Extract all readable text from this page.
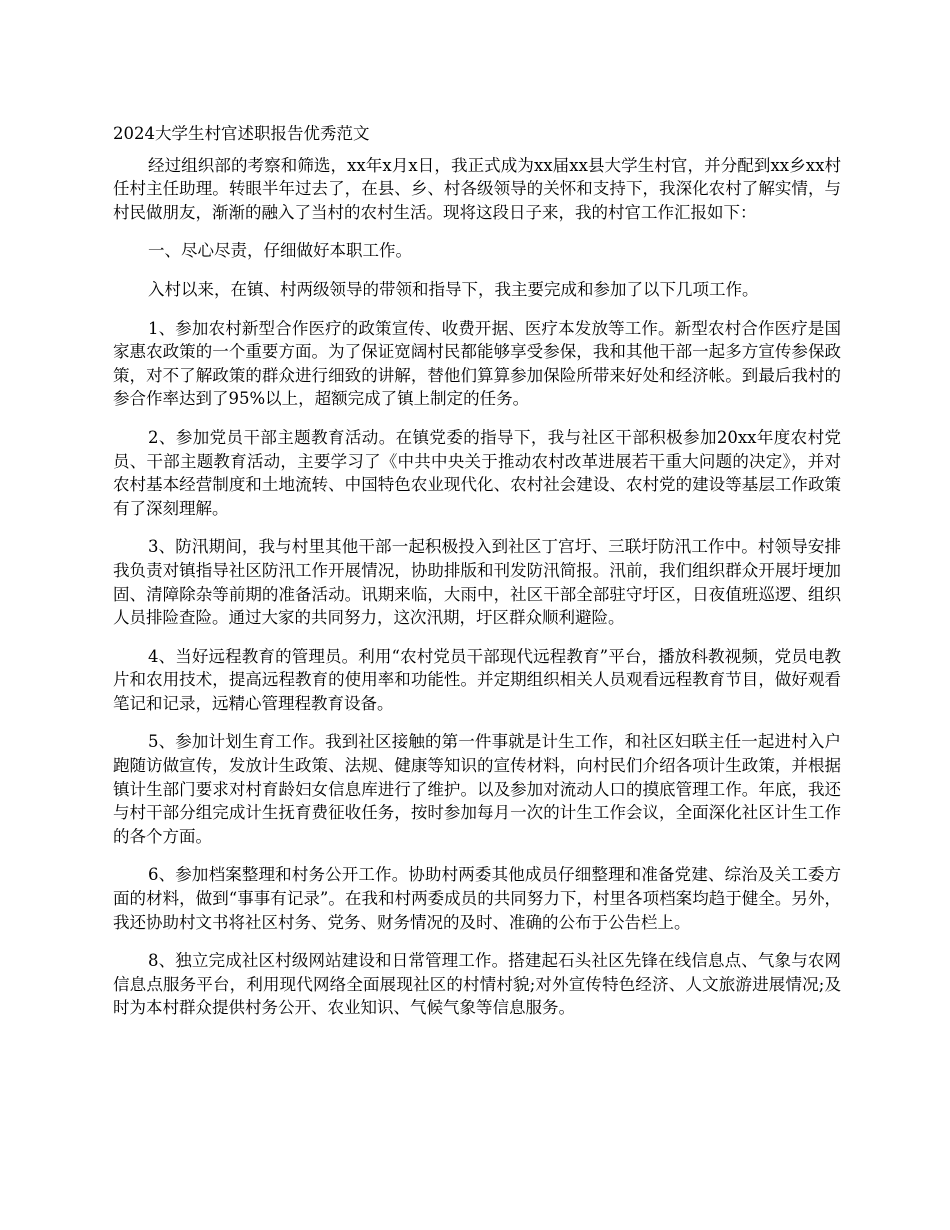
2024大学生村官述职报告优秀范文

经过组织部的考察和筛选，xx年x月x日，我正式成为xx届xx县大学生村官，并分配到xx乡xx村任村主任助理。转眼半年过去了，在县、乡、村各级领导的关怀和支持下，我深化农村了解实情，与村民做朋友，渐渐的融入了当村的农村生活。现将这段日子来，我的村官工作汇报如下：

一、尽心尽责，仔细做好本职工作。

入村以来，在镇、村两级领导的带领和指导下，我主要完成和参加了以下几项工作。

1、参加农村新型合作医疗的政策宣传、收费开据、医疗本发放等工作。新型农村合作医疗是国家惠农政策的一个重要方面。为了保证宽阔村民都能够享受参保，我和其他干部一起多方宣传参保政策，对不了解政策的群众进行细致的讲解，替他们算算参加保险所带来好处和经济帐。到最后我村的参合作率达到了95%以上，超额完成了镇上制定的任务。

2、参加党员干部主题教育活动。在镇党委的指导下，我与社区干部积极参加20xx年度农村党员、干部主题教育活动，主要学习了《中共中央关于推动农村改革进展若干重大问题的决定》，并对农村基本经营制度和土地流转、中国特色农业现代化、农村社会建设、农村党的建设等基层工作政策有了深刻理解。

3、防汛期间，我与村里其他干部一起积极投入到社区丁宫圩、三联圩防汛工作中。村领导安排我负责对镇指导社区防汛工作开展情况，协助排版和刊发防汛简报。汛前，我们组织群众开展圩埂加固、清障除杂等前期的准备活动。讯期来临，大雨中，社区干部全部驻守圩区，日夜值班巡逻、组织人员排险查险。通过大家的共同努力，这次汛期，圩区群众顺利避险。

4、当好远程教育的管理员。利用“农村党员干部现代远程教育”平台，播放科教视频，党员电教片和农用技术，提高远程教育的使用率和功能性。并定期组织相关人员观看远程教育节目，做好观看笔记和记录，远精心管理程教育设备。

5、参加计划生育工作。我到社区接触的第一件事就是计生工作，和社区妇联主任一起进村入户跑随访做宣传，发放计生政策、法规、健康等知识的宣传材料，向村民们介绍各项计生政策，并根据镇计生部门要求对村育龄妇女信息库进行了维护。以及参加对流动人口的摸底管理工作。年底，我还与村干部分组完成计生抚育费征收任务，按时参加每月一次的计生工作会议，全面深化社区计生工作的各个方面。

6、参加档案整理和村务公开工作。协助村两委其他成员仔细整理和准备党建、综治及关工委方面的材料，做到“事事有记录”。在我和村两委成员的共同努力下，村里各项档案均趋于健全。另外，我还协助村文书将社区村务、党务、财务情况的及时、准确的公布于公告栏上。

8、独立完成社区村级网站建设和日常管理工作。搭建起石头社区先锋在线信息点、气象与农网信息点服务平台，利用现代网络全面展现社区的村情村貌;对外宣传特色经济、人文旅游进展情况;及时为本村群众提供村务公开、农业知识、气候气象等信息服务。
